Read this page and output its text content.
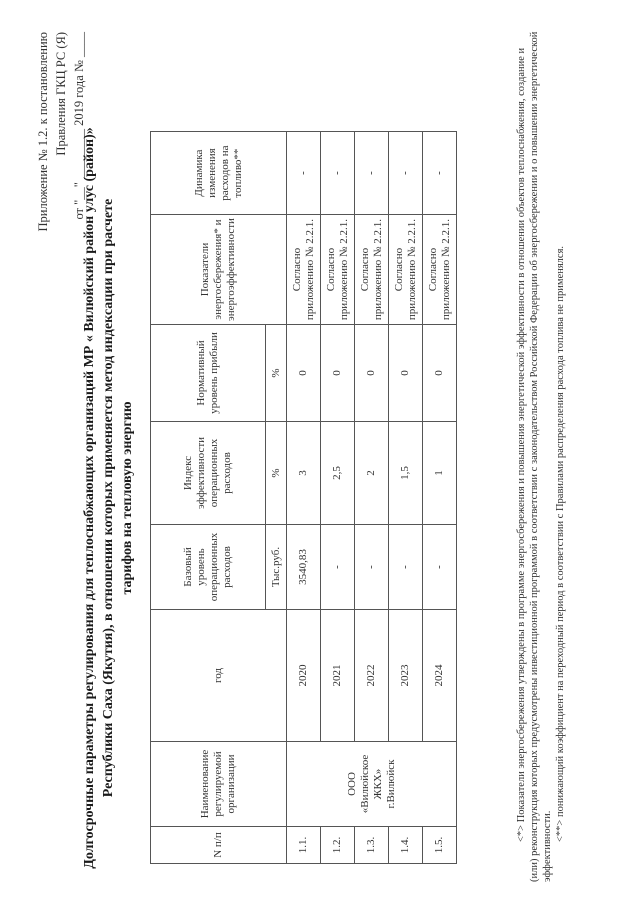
Приложение № 1.2. к постановлению Правления ГКЦ РС (Я) от "__" ________ 2019 года № ____
Долгосрочные параметры регулирования для теплоснабжающих организаций МР « Вилюйский район улус (район)» Республики Саха (Якутия), в отношении которых применяется метод индексации при расчете тарифов на тепловую энергию
N п/п	Наименование регулируемой организации	год	Базовый уровень операционных расходов	Индекс эффективности операционных расходов	Нормативный уровень прибыли	Показатели энергосбережения* и энергоэффективности	Динамика изменения расходов на топливо**
			Тыс.руб.	%	%		
1.1.	ООО «Вилюйское ЖКХ» г.Вилюйск	2020	3540,83	3	0	Согласно приложению № 2.2.1.	-
1.2.		2021	-	2,5	0	Согласно приложению № 2.2.1.	-
1.3.		2022	-	2	0	Согласно приложению № 2.2.1.	-
1.4.		2023	-	1,5	0	Согласно приложению № 2.2.1.	-
1.5.		2024	-	1	0	Согласно приложению № 2.2.1.	-	<*> Показатели энергосбережения утверждены в программе энергосбережения и повышения энергетической эффективности в отношении объектов теплоснабжения, создание и (или) реконструкция которых предусмотрены инвестиционной программой в соответствии с законодательством Российской Федерации об энергосбережении и о повышении энергетической эффективности.
<**> понижающий коэффициент на переходный период в соответствии с Правилами распределения расхода топлива не применялся.
